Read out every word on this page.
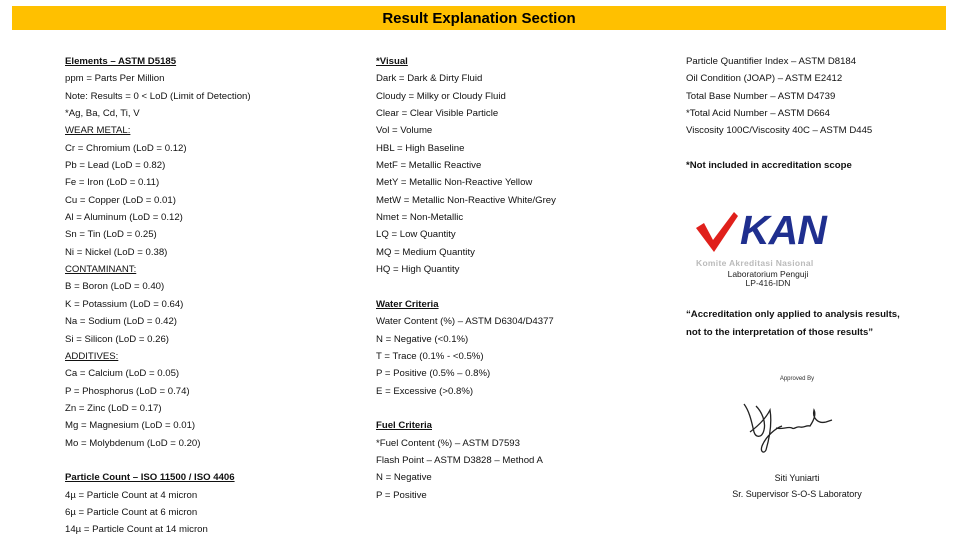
Result Explanation Section
Elements – ASTM D5185
ppm = Parts Per Million
Note: Results = 0 < LoD (Limit of Detection)
*Ag, Ba, Cd, Ti, V
WEAR METAL:
Cr = Chromium (LoD = 0.12)
Pb = Lead (LoD = 0.82)
Fe = Iron (LoD = 0.11)
Cu = Copper (LoD = 0.01)
Al = Aluminum (LoD = 0.12)
Sn = Tin (LoD = 0.25)
Ni = Nickel (LoD = 0.38)
CONTAMINANT:
B = Boron (LoD = 0.40)
K = Potassium (LoD = 0.64)
Na = Sodium (LoD = 0.42)
Si = Silicon (LoD = 0.26)
ADDITIVES:
Ca = Calcium (LoD = 0.05)
P = Phosphorus (LoD = 0.74)
Zn = Zinc (LoD = 0.17)
Mg = Magnesium (LoD = 0.01)
Mo = Molybdenum (LoD = 0.20)
Particle Count – ISO 11500 / ISO 4406
4µ = Particle Count at 4 micron
6µ = Particle Count at 6 micron
14µ = Particle Count at 14 micron
*Visual
Dark = Dark & Dirty Fluid
Cloudy = Milky or Cloudy Fluid
Clear = Clear Visible Particle
Vol = Volume
HBL = High Baseline
MetF = Metallic Reactive
MetY = Metallic Non-Reactive Yellow
MetW = Metallic Non-Reactive White/Grey
Nmet = Non-Metallic
LQ = Low Quantity
MQ = Medium Quantity
HQ = High Quantity
Water Criteria
Water Content (%) – ASTM D6304/D4377
N = Negative (<0.1%)
T = Trace (0.1% - <0.5%)
P = Positive (0.5% – 0.8%)
E = Excessive (>0.8%)
Fuel Criteria
*Fuel Content (%) – ASTM D7593
Flash Point – ASTM D3828 – Method A
N = Negative
P = Positive
Particle Quantifier Index – ASTM D8184
Oil Condition (JOAP) – ASTM E2412
Total Base Number – ASTM D4739
*Total Acid Number – ASTM D664
Viscosity 100C/Viscosity 40C – ASTM D445
*Not included in accreditation scope
KAN
Komite Akreditasi Nasional
Laboratorium Penguji
LP-416-IDN
“Accreditation only applied to analysis results,
not to the interpretation of those results”
Approved By
Siti Yuniarti
Sr. Supervisor S-O-S Laboratory
